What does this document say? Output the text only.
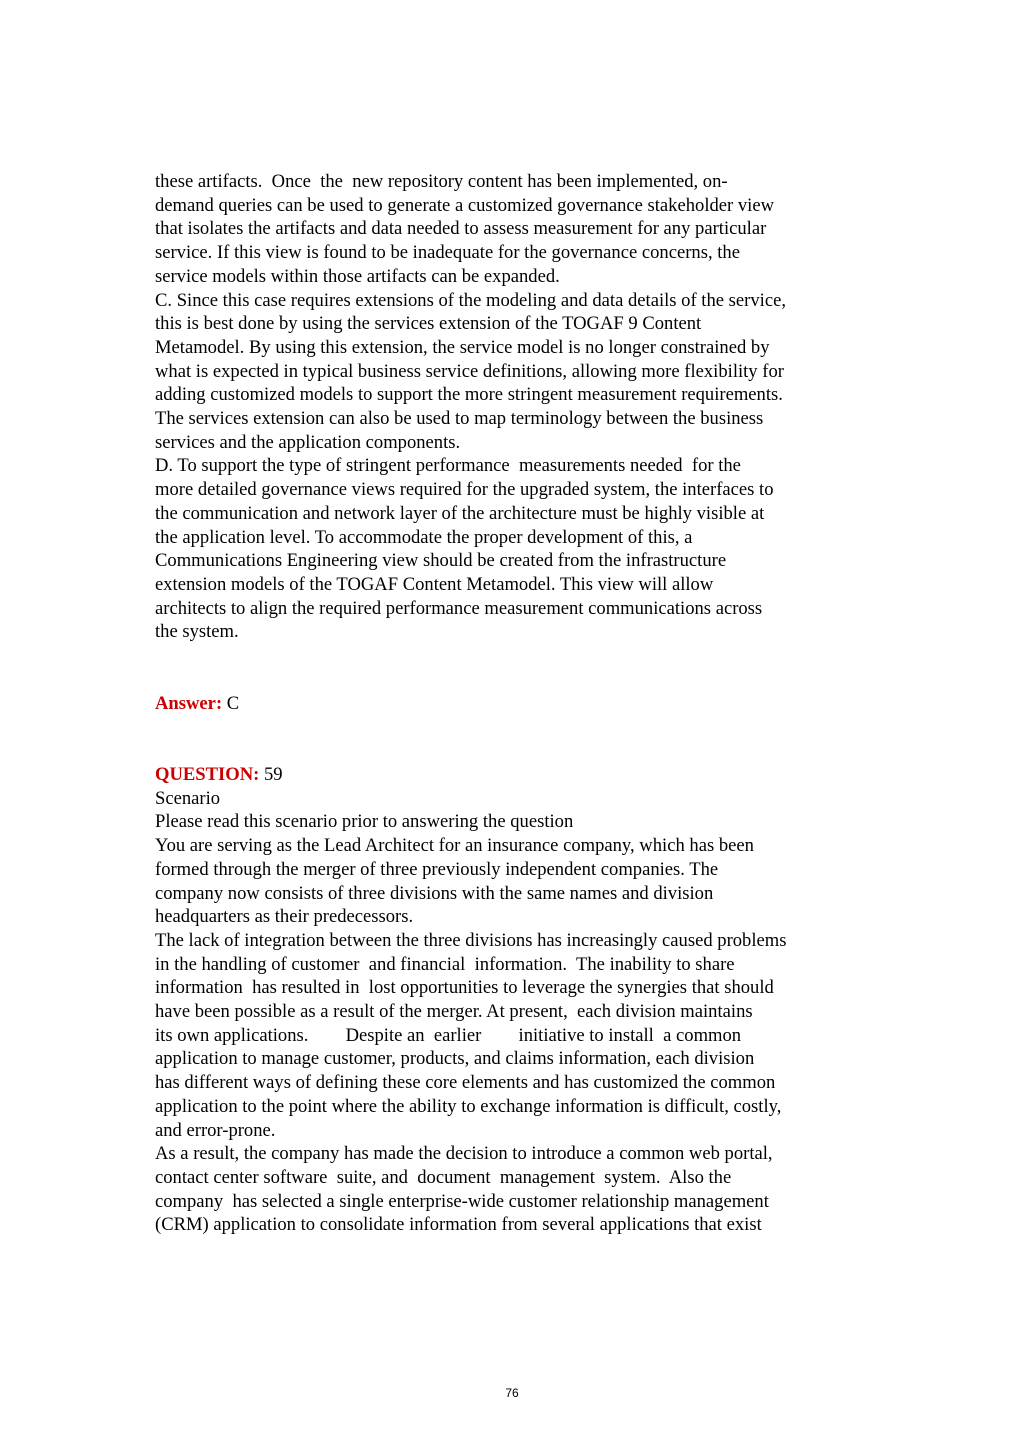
these artifacts.  Once  the  new repository content has been implemented, on-
demand queries can be used to generate a customized governance stakeholder view
that isolates the artifacts and data needed to assess measurement for any particular
service. If this view is found to be inadequate for the governance concerns, the
service models within those artifacts can be expanded.
C. Since this case requires extensions of the modeling and data details of the service,
this is best done by using the services extension of the TOGAF 9 Content
Metamodel. By using this extension, the service model is no longer constrained by
what is expected in typical business service definitions, allowing more flexibility for
adding customized models to support the more stringent measurement requirements.
The services extension can also be used to map terminology between the business
services and the application components.
D. To support the type of stringent performance  measurements needed  for the
more detailed governance views required for the upgraded system, the interfaces to
the communication and network layer of the architecture must be highly visible at
the application level. To accommodate the proper development of this, a
Communications Engineering view should be created from the infrastructure
extension models of the TOGAF Content Metamodel. This view will allow
architects to align the required performance measurement communications across
the system.
Answer: C
QUESTION: 59
Scenario
Please read this scenario prior to answering the question
You are serving as the Lead Architect for an insurance company, which has been
formed through the merger of three previously independent companies. The
company now consists of three divisions with the same names and division
headquarters as their predecessors.
The lack of integration between the three divisions has increasingly caused problems
in the handling of customer  and financial  information.  The inability to share
information  has resulted in  lost opportunities to leverage the synergies that should
have been possible as a result of the merger. At present,  each division maintains
its own applications.        Despite an  earlier        initiative to install  a common
application to manage customer, products, and claims information, each division
has different ways of defining these core elements and has customized the common
application to the point where the ability to exchange information is difficult, costly,
and error-prone.
As a result, the company has made the decision to introduce a common web portal,
contact center software  suite, and  document  management  system.  Also the
company  has selected a single enterprise-wide customer relationship management
(CRM) application to consolidate information from several applications that exist
76
